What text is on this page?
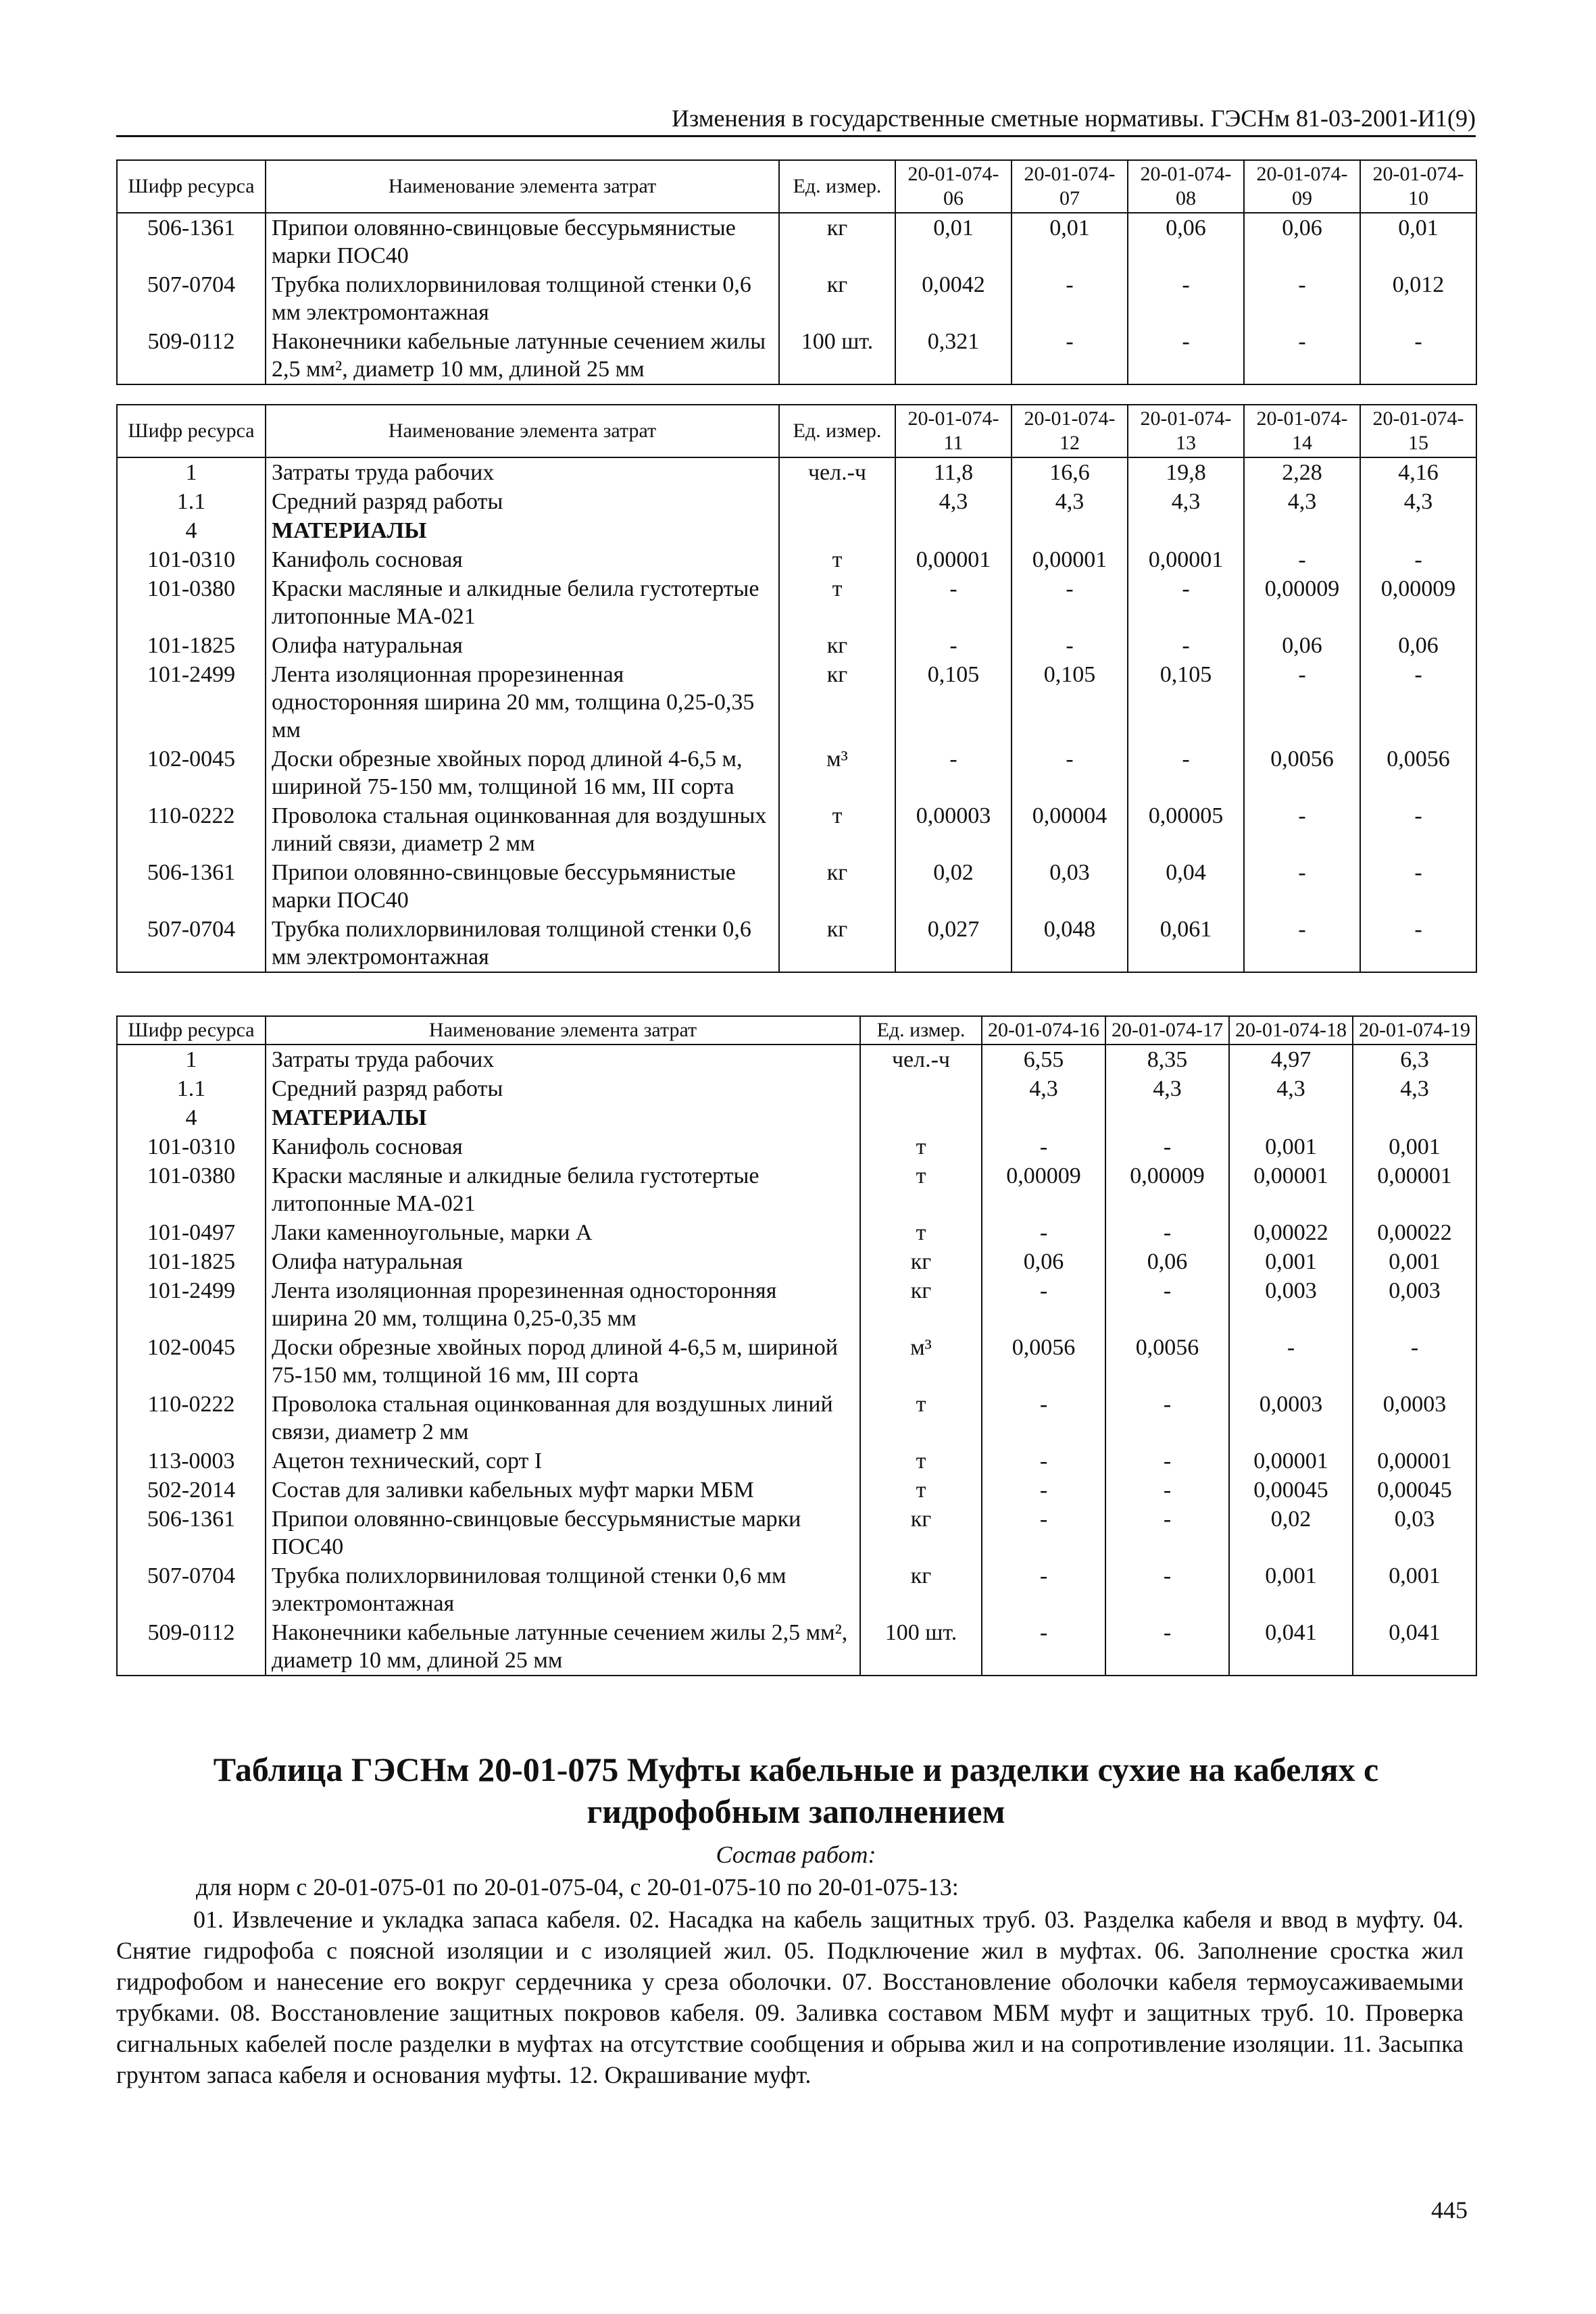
Изменения в государственные сметные нормативы. ГЭСНм 81-03-2001-И1(9)
Шифр ресурса	Наименование элемента затрат	Ед. измер.	20-01-074-06	20-01-074-07	20-01-074-08	20-01-074-09	20-01-074-10
506-1361	Припои оловянно-свинцовые бессурьмянистые марки ПОС40	кг	0,01	0,01	0,06	0,06	0,01
507-0704	Трубка полихлорвиниловая толщиной стенки 0,6 мм электромонтажная	кг	0,0042	-	-	-	0,012
509-0112	Наконечники кабельные латунные сечением жилы 2,5 мм², диаметр 10 мм, длиной 25 мм	100 шт.	0,321	-	-	-	-
Шифр ресурса	Наименование элемента затрат	Ед. измер.	20-01-074-11	20-01-074-12	20-01-074-13	20-01-074-14	20-01-074-15
1	Затраты труда рабочих	чел.-ч	11,8	16,6	19,8	2,28	4,16
1.1	Средний разряд работы		4,3	4,3	4,3	4,3	4,3
4	МАТЕРИАЛЫ						
101-0310	Канифоль сосновая	т	0,00001	0,00001	0,00001	-	-
101-0380	Краски масляные и алкидные белила густотертые литопонные МА-021	т	-	-	-	0,00009	0,00009
101-1825	Олифа натуральная	кг	-	-	-	0,06	0,06
101-2499	Лента изоляционная прорезиненная односторонняя ширина 20 мм, толщина 0,25-0,35 мм	кг	0,105	0,105	0,105	-	-
102-0045	Доски обрезные хвойных пород длиной 4-6,5 м, шириной 75-150 мм, толщиной 16 мм, III сорта	м³	-	-	-	0,0056	0,0056
110-0222	Проволока стальная оцинкованная для воздушных линий связи, диаметр 2 мм	т	0,00003	0,00004	0,00005	-	-
506-1361	Припои оловянно-свинцовые бессурьмянистые марки ПОС40	кг	0,02	0,03	0,04	-	-
507-0704	Трубка полихлорвиниловая толщиной стенки 0,6 мм электромонтажная	кг	0,027	0,048	0,061	-	-
Шифр ресурса	Наименование элемента затрат	Ед. измер.	20-01-074-16	20-01-074-17	20-01-074-18	20-01-074-19
1	Затраты труда рабочих	чел.-ч	6,55	8,35	4,97	6,3
1.1	Средний разряд работы		4,3	4,3	4,3	4,3
4	МАТЕРИАЛЫ					
101-0310	Канифоль сосновая	т	-	-	0,001	0,001
101-0380	Краски масляные и алкидные белила густотертые литопонные МА-021	т	0,00009	0,00009	0,00001	0,00001
101-0497	Лаки каменноугольные, марки А	т	-	-	0,00022	0,00022
101-1825	Олифа натуральная	кг	0,06	0,06	0,001	0,001
101-2499	Лента изоляционная прорезиненная односторонняя ширина 20 мм, толщина 0,25-0,35 мм	кг	-	-	0,003	0,003
102-0045	Доски обрезные хвойных пород длиной 4-6,5 м, шириной 75-150 мм, толщиной 16 мм, III сорта	м³	0,0056	0,0056	-	-
110-0222	Проволока стальная оцинкованная для воздушных линий связи, диаметр 2 мм	т	-	-	0,0003	0,0003
113-0003	Ацетон технический, сорт I	т	-	-	0,00001	0,00001
502-2014	Состав для заливки кабельных муфт марки МБМ	т	-	-	0,00045	0,00045
506-1361	Припои оловянно-свинцовые бессурьмянистые марки ПОС40	кг	-	-	0,02	0,03
507-0704	Трубка полихлорвиниловая толщиной стенки 0,6 мм электромонтажная	кг	-	-	0,001	0,001
509-0112	Наконечники кабельные латунные сечением жилы 2,5 мм², диаметр 10 мм, длиной 25 мм	100 шт.	-	-	0,041	0,041
Таблица ГЭСНм 20-01-075 Муфты кабельные и разделки сухие на кабелях с гидрофобным заполнением
Состав работ:
для норм с 20-01-075-01 по 20-01-075-04, с 20-01-075-10 по 20-01-075-13:

01. Извлечение и укладка запаса кабеля. 02. Насадка на кабель защитных труб. 03. Разделка кабеля и ввод в муфту. 04. Снятие гидрофоба с поясной изоляции и с изоляцией жил. 05. Подключение жил в муфтах. 06. Заполнение сростка жил гидрофобом и нанесение его вокруг сердечника у среза оболочки. 07. Восстановление оболочки кабеля термоусаживаемыми трубками. 08. Восстановление защитных покровов кабеля. 09. Заливка составом МБМ муфт и защитных труб. 10. Проверка сигнальных кабелей после разделки в муфтах на отсутствие сообщения и обрыва жил и на сопротивление изоляции. 11. Засыпка грунтом запаса кабеля и основания муфты. 12. Окрашивание муфт.

445
